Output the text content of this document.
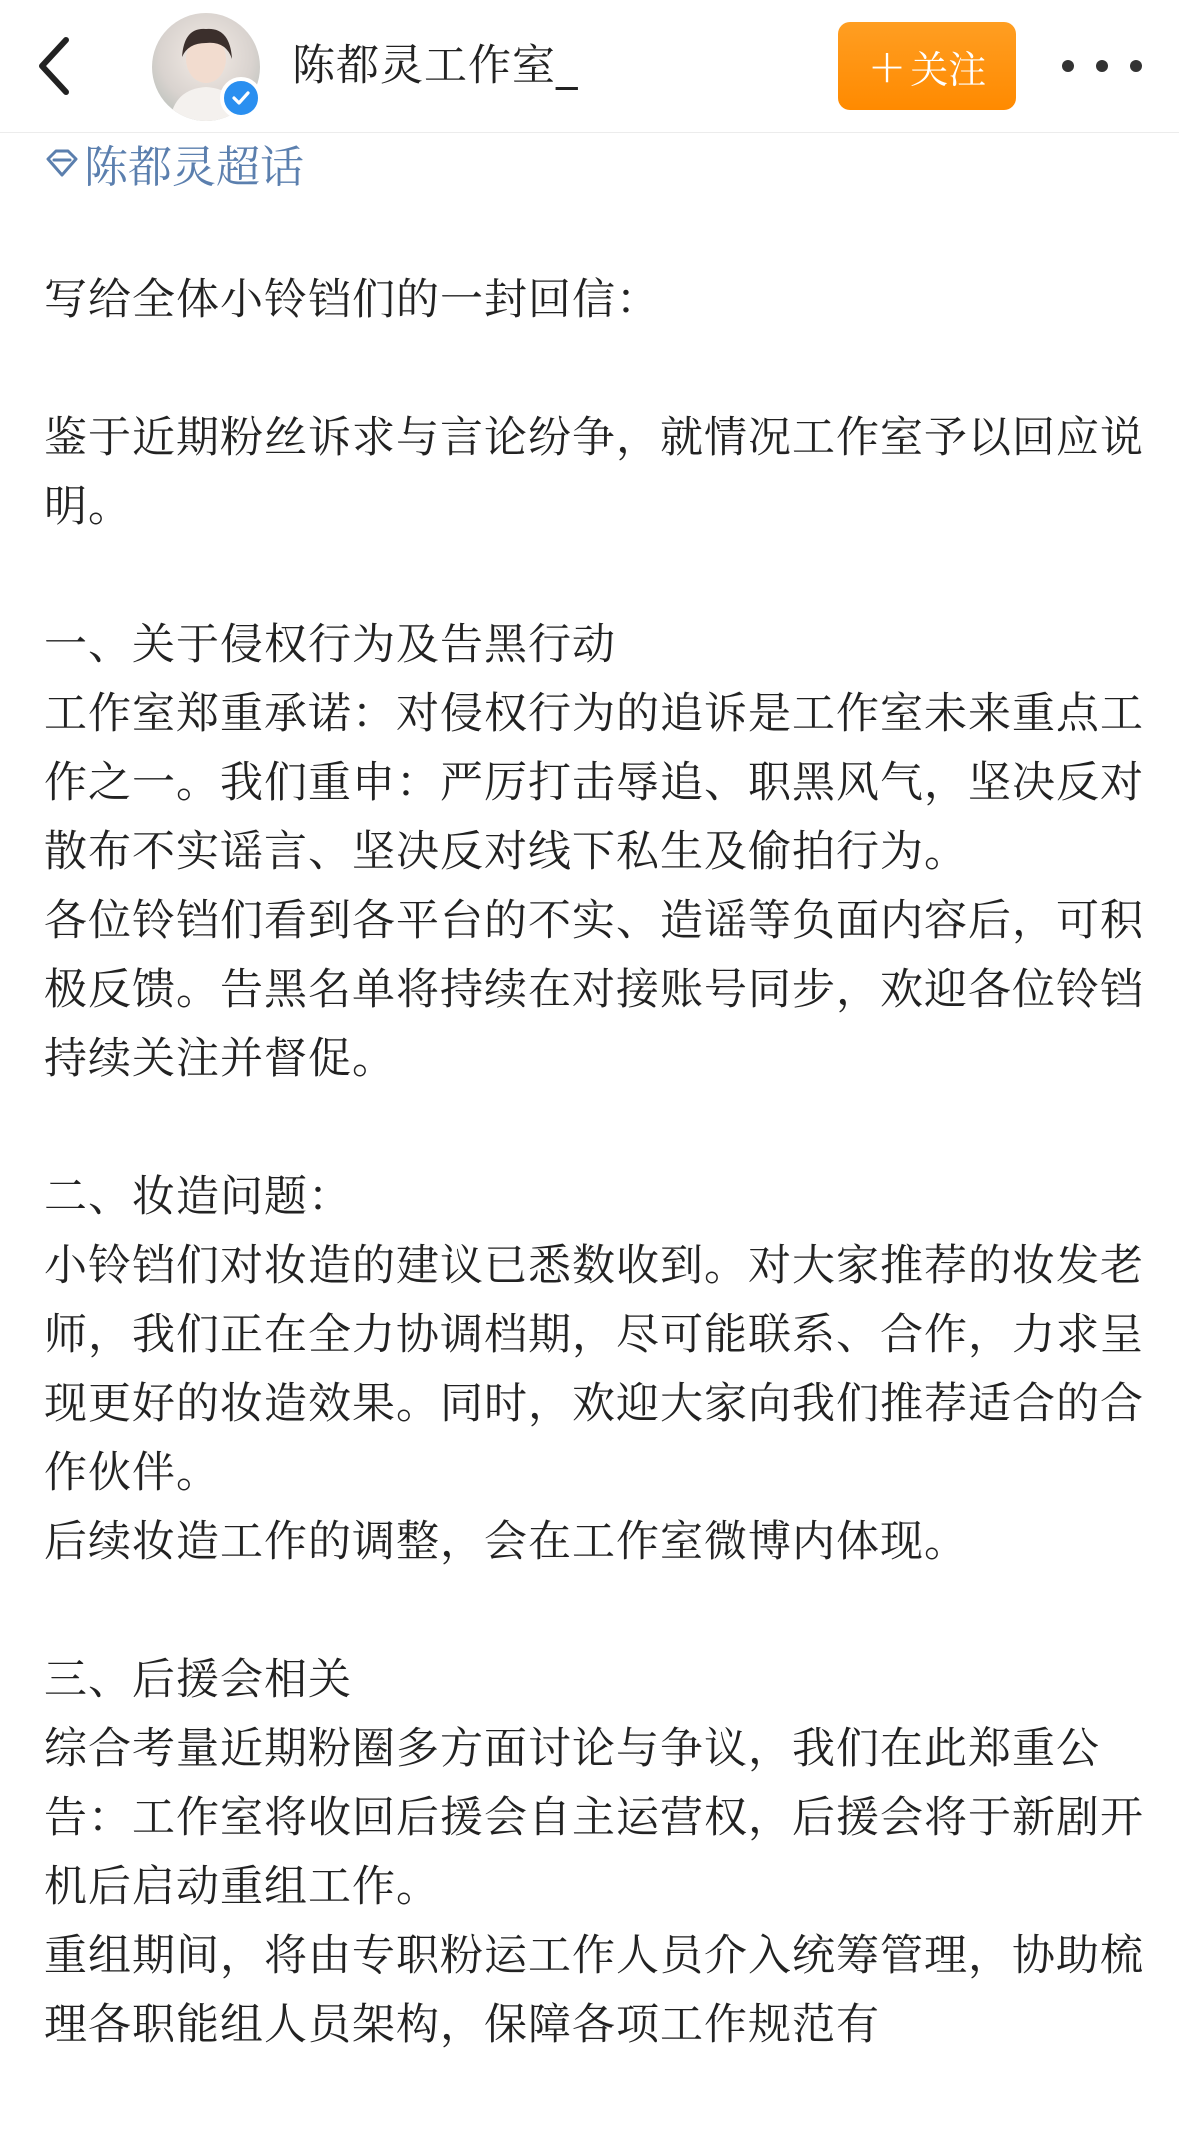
陈都灵工作室_	+ 关注
陈都灵超话

写给全体小铃铛们的一封回信：

鉴于近期粉丝诉求与言论纷争，就情况工作室予以回应说明。

一、关于侵权行为及告黑行动

工作室郑重承诺：对侵权行为的追诉是工作室未来重点工作之一。我们重申：严厉打击辱追、职黑风气，坚决反对散布不实谣言、坚决反对线下私生及偷拍行为。

各位铃铛们看到各平台的不实、造谣等负面内容后，可积极反馈。告黑名单将持续在对接账号同步，欢迎各位铃铛持续关注并督促。

二、妆造问题：

小铃铛们对妆造的建议已悉数收到。对大家推荐的妆发老师，我们正在全力协调档期，尽可能联系、合作，力求呈现更好的妆造效果。同时，欢迎大家向我们推荐适合的合作伙伴。

后续妆造工作的调整，会在工作室微博内体现。

三、后援会相关

综合考量近期粉圈多方面讨论与争议，我们在此郑重公告：工作室将收回后援会自主运营权，后援会将于新剧开机后启动重组工作。

重组期间，将由专职粉运工作人员介入统筹管理，协助梳理各职能组人员架构，保障各项工作规范有
